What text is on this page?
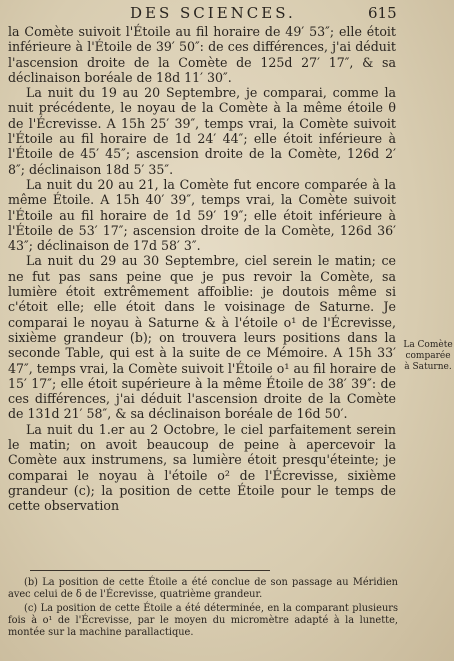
DES SCIENCES.	615

la Comète suivoit l'Étoile au fil horaire de 49′ 53″; elle étoit inférieure à l'Étoile de 39′ 50″: de ces différences, j'ai déduit l'ascension droite de la Comète de 125d 27′ 17″, & sa déclinaison boréale de 18d 11′ 30″.

La nuit du 19 au 20 Septembre, je comparai, comme la nuit précédente, le noyau de la Comète à la même étoile θ de l'Écrevisse. A 15h 25′ 39″, temps vrai, la Comète suivoit l'Étoile au fil horaire de 1d 24′ 44″; elle étoit inférieure à l'Étoile de 45′ 45″; ascension droite de la Comète, 126d 2′ 8″; déclinaison 18d 5′ 35″.

La nuit du 20 au 21, la Comète fut encore comparée à la même Étoile. A 15h 40′ 39″, temps vrai, la Comète suivoit l'Étoile au fil horaire de 1d 59′ 19″; elle étoit inférieure à l'Étoile de 53′ 17″; ascension droite de la Comète, 126d 36′ 43″; déclinaison de 17d 58′ 3″.

La nuit du 29 au 30 Septembre, ciel serein le matin; ce ne fut pas sans peine que je pus revoir la Comète, sa lumière étoit extrêmement affoiblie: je doutois même si c'étoit elle; elle étoit dans le voisinage de Saturne. Je comparai le noyau à Saturne & à l'étoile o¹ de l'Écrevisse, sixième grandeur (b); on trouvera leurs positions dans la seconde Table, qui est à la suite de ce Mémoire. A 15h 33′ 47″, temps vrai, la Comète suivoit l'Étoile o¹ au fil horaire de 15′ 17″; elle étoit supérieure à la même Étoile de 38′ 39″: de ces différences, j'ai déduit l'ascension droite de la Comète de 131d 21′ 58″, & sa déclinaison boréale de 16d 50′.

La nuit du 1.er au 2 Octobre, le ciel parfaitement serein le matin; on avoit beaucoup de peine à apercevoir la Comète aux instrumens, sa lumière étoit presqu'éteinte; je comparai le noyau à l'étoile o² de l'Écrevisse, sixième grandeur (c); la position de cette Étoile pour le temps de cette observation

La Comète comparée à Saturne.

(b) La position de cette Étoile a été conclue de son passage au Méridien avec celui de δ de l'Écrevisse, quatrième grandeur.

(c) La position de cette Étoile a été déterminée, en la comparant plusieurs fois à o¹ de l'Écrevisse, par le moyen du micromètre adapté à la lunette, montée sur la machine parallactique.
